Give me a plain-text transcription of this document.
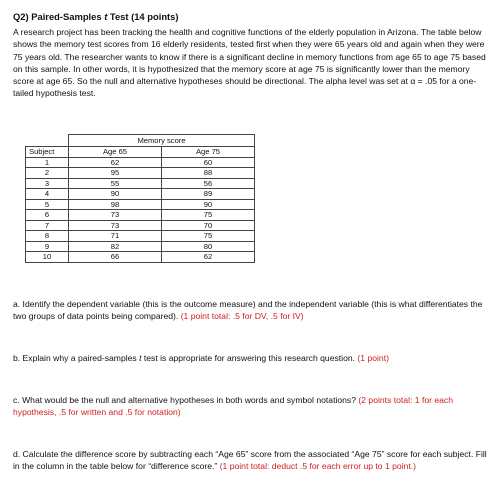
Q2) Paired-Samples t Test (14 points)
A research project has been tracking the health and cognitive functions of the elderly population in Arizona. The table below shows the memory test scores from 16 elderly residents, tested first when they were 65 years old and again when they were 75 years old. The researcher wants to know if there is a significant decline in memory functions from age 65 to age 75 based on this sample. In other words, it is hypothesized that the memory score at age 75 is significantly lower than the memory score at age 65. So the null and alternative hypotheses should be directional. The alpha level was set at α = .05 for a one-tailed hypothesis test.
	Memory score	
Subject	Age 65	Age 75
1	62	60
2	95	88
3	55	56
4	90	89
5	98	90
6	73	75
7	73	70
8	71	75
9	82	80
10	66	62
a. Identify the dependent variable (this is the outcome measure) and the independent variable (this is what differentiates the two groups of data points being compared). (1 point total: .5 for DV, .5 for IV)
b. Explain why a paired-samples t test is appropriate for answering this research question. (1 point)
c. What would be the null and alternative hypotheses in both words and symbol notations? (2 points total: 1 for each hypothesis, .5 for written and .5 for notation)
d. Calculate the difference score by subtracting each “Age 65” score from the associated “Age 75” score for each subject. Fill in the column in the table below for “difference score.” (1 point total: deduct .5 for each error up to 1 point.)
